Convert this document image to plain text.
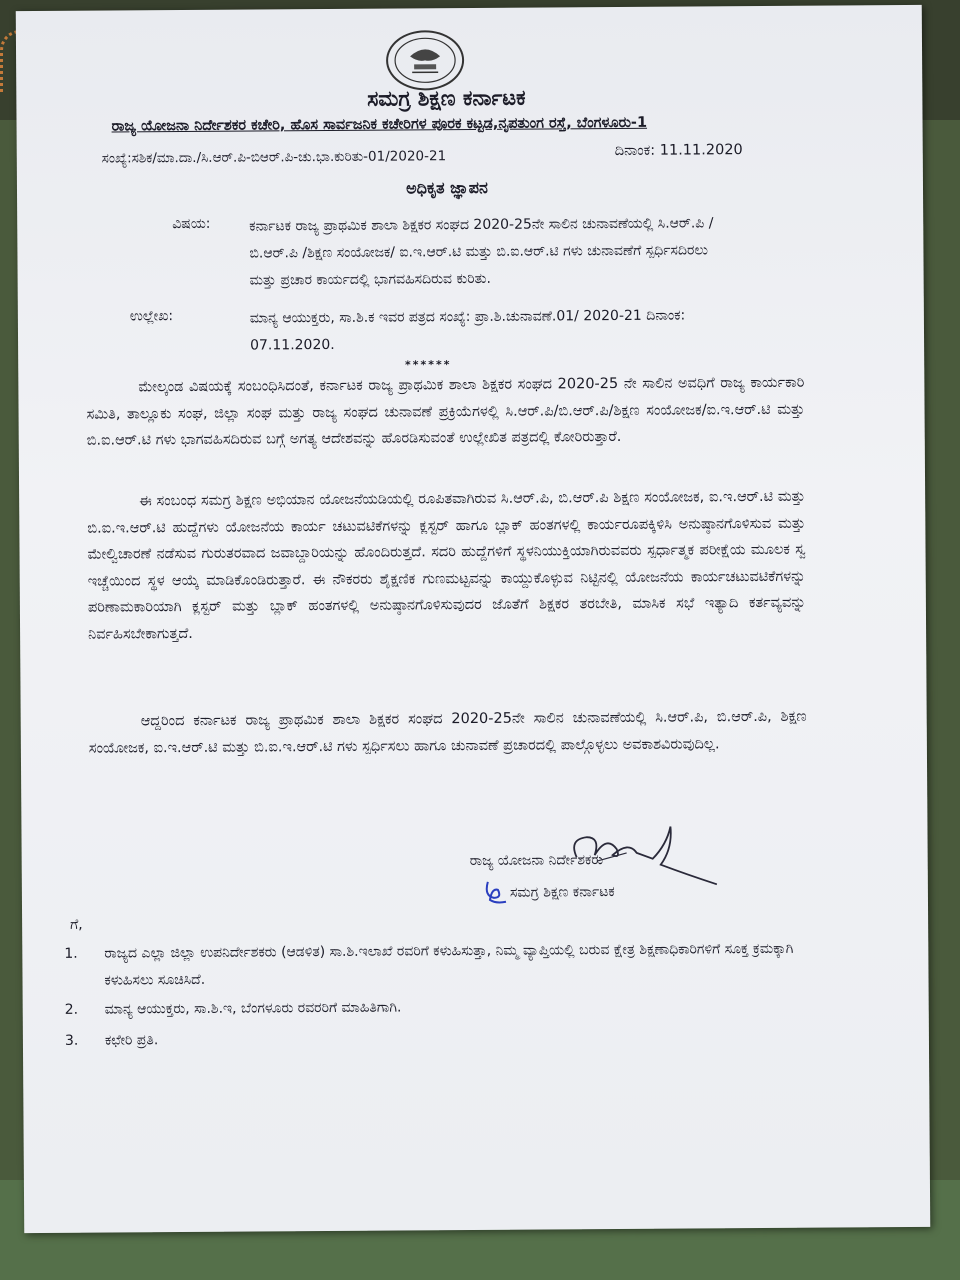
ಸಮಗ್ರ ಶಿಕ್ಷಣ ಕರ್ನಾಟಕ
ರಾಜ್ಯ ಯೋಜನಾ ನಿರ್ದೇಶಕರ ಕಚೇರಿ, ಹೊಸ ಸಾರ್ವಜನಿಕ ಕಚೇರಿಗಳ ಪೂರಕ ಕಟ್ಟಡ,ನೃಪತುಂಗ ರಸ್ತೆ, ಬೆಂಗಳೂರು-1
ಸಂಖ್ಯೆ:ಸಶಿಕ/ಮಾ.ದಾ./ಸಿ.ಆರ್.ಪಿ-ಬಿಆರ್.ಪಿ-ಚು.ಭಾ.ಕುರಿತು-01/2020-21	ದಿನಾಂಕ: 11.11.2020
ಅಧಿಕೃತ ಜ್ಞಾಪನ
ವಿಷಯ:	ಕರ್ನಾಟಕ ರಾಜ್ಯ ಪ್ರಾಥಮಿಕ ಶಾಲಾ ಶಿಕ್ಷಕರ ಸಂಘದ 2020-25ನೇ ಸಾಲಿನ ಚುನಾವಣೆಯಲ್ಲಿ ಸಿ.ಆರ್.ಪಿ /ಬಿ.ಆರ್.ಪಿ /ಶಿಕ್ಷಣ ಸಂಯೋಜಕ/ ಐ.ಇ.ಆರ್.ಟಿ ಮತ್ತು ಬಿ.ಐ.ಆರ್.ಟಿ ಗಳು ಚುನಾವಣೆಗೆ ಸ್ಪರ್ಧಿಸದಿರಲು ಮತ್ತು ಪ್ರಚಾರ ಕಾರ್ಯದಲ್ಲಿ ಭಾಗವಹಿಸದಿರುವ ಕುರಿತು.
ಉಲ್ಲೇಖ:	ಮಾನ್ಯ ಆಯುಕ್ತರು, ಸಾ.ಶಿ.ಕ ಇವರ ಪತ್ರದ ಸಂಖ್ಯೆ: ಪ್ರಾ.ಶಿ.ಚುನಾವಣೆ.01/ 2020-21 ದಿನಾಂಕ: 07.11.2020.
******
ಮೇಲ್ಕಂಡ ವಿಷಯಕ್ಕೆ ಸಂಬಂಧಿಸಿದಂತೆ, ಕರ್ನಾಟಕ ರಾಜ್ಯ ಪ್ರಾಥಮಿಕ ಶಾಲಾ ಶಿಕ್ಷಕರ ಸಂಘದ 2020-25 ನೇ ಸಾಲಿನ ಅವಧಿಗೆ ರಾಜ್ಯ ಕಾರ್ಯಕಾರಿ ಸಮಿತಿ, ತಾಲ್ಲೂಕು ಸಂಘ, ಜಿಲ್ಲಾ ಸಂಘ ಮತ್ತು ರಾಜ್ಯ ಸಂಘದ ಚುನಾವಣೆ ಪ್ರಕ್ರಿಯೆಗಳಲ್ಲಿ ಸಿ.ಆರ್.ಪಿ/ಬಿ.ಆರ್.ಪಿ/ಶಿಕ್ಷಣ ಸಂಯೋಜಕ/ಐ.ಇ.ಆರ್.ಟಿ ಮತ್ತು ಬಿ.ಐ.ಆರ್.ಟಿ ಗಳು ಭಾಗವಹಿಸದಿರುವ ಬಗ್ಗೆ ಅಗತ್ಯ ಆದೇಶವನ್ನು ಹೊರಡಿಸುವಂತೆ ಉಲ್ಲೇಖಿತ ಪತ್ರದಲ್ಲಿ ಕೋರಿರುತ್ತಾರೆ.
ಈ ಸಂಬಂಧ ಸಮಗ್ರ ಶಿಕ್ಷಣ ಅಭಿಯಾನ ಯೋಜನೆಯಡಿಯಲ್ಲಿ ರೂಪಿತವಾಗಿರುವ ಸಿ.ಆರ್.ಪಿ, ಬಿ.ಆರ್.ಪಿ ಶಿಕ್ಷಣ ಸಂಯೋಜಕ, ಐ.ಇ.ಆರ್.ಟಿ ಮತ್ತು ಬಿ.ಐ.ಇ.ಆರ್.ಟಿ ಹುದ್ದೆಗಳು ಯೋಜನೆಯ ಕಾರ್ಯ ಚಟುವಟಿಕೆಗಳನ್ನು ಕ್ಲಸ್ಟರ್ ಹಾಗೂ ಬ್ಲಾಕ್ ಹಂತಗಳಲ್ಲಿ ಕಾರ್ಯರೂಪಕ್ಕಿಳಿಸಿ ಅನುಷ್ಠಾನಗೊಳಿಸುವ ಮತ್ತು ಮೇಲ್ವಿಚಾರಣೆ ನಡೆಸುವ ಗುರುತರವಾದ ಜವಾಬ್ದಾರಿಯನ್ನು ಹೊಂದಿರುತ್ತದೆ. ಸದರಿ ಹುದ್ದೆಗಳಿಗೆ ಸ್ಥಳನಿಯುಕ್ತಿಯಾಗಿರುವವರು ಸ್ಪರ್ಧಾತ್ಮಕ ಪರೀಕ್ಷೆಯ ಮೂಲಕ ಸ್ವ ಇಚ್ಚೆಯಿಂದ ಸ್ಥಳ ಆಯ್ಕೆ ಮಾಡಿಕೊಂಡಿರುತ್ತಾರೆ. ಈ ನೌಕರರು ಶೈಕ್ಷಣಿಕ ಗುಣಮಟ್ಟವನ್ನು ಕಾಯ್ದುಕೊಳ್ಳುವ ನಿಟ್ಟಿನಲ್ಲಿ ಯೋಜನೆಯ ಕಾರ್ಯಚಟುವಟಿಕೆಗಳನ್ನು ಪರಿಣಾಮಕಾರಿಯಾಗಿ ಕ್ಲಸ್ಟರ್ ಮತ್ತು ಬ್ಲಾಕ್ ಹಂತಗಳಲ್ಲಿ ಅನುಷ್ಠಾನಗೊಳಿಸುವುದರ ಜೊತೆಗೆ ಶಿಕ್ಷಕರ ತರಬೇತಿ, ಮಾಸಿಕ ಸಭೆ ಇತ್ಯಾದಿ ಕರ್ತವ್ಯವನ್ನು ನಿರ್ವಹಿಸಬೇಕಾಗುತ್ತದೆ.
ಆದ್ದರಿಂದ ಕರ್ನಾಟಕ ರಾಜ್ಯ ಪ್ರಾಥಮಿಕ ಶಾಲಾ ಶಿಕ್ಷಕರ ಸಂಘದ 2020-25ನೇ ಸಾಲಿನ ಚುನಾವಣೆಯಲ್ಲಿ ಸಿ.ಆರ್.ಪಿ, ಬಿ.ಆರ್.ಪಿ, ಶಿಕ್ಷಣ ಸಂಯೋಜಕ, ಐ.ಇ.ಆರ್.ಟಿ ಮತ್ತು ಬಿ.ಐ.ಇ.ಆರ್.ಟಿ ಗಳು ಸ್ಪರ್ಧಿಸಲು ಹಾಗೂ ಚುನಾವಣೆ ಪ್ರಚಾರದಲ್ಲಿ ಪಾಲ್ಗೊಳ್ಳಲು ಅವಕಾಶವಿರುವುದಿಲ್ಲ.
ರಾಜ್ಯ ಯೋಜನಾ ನಿರ್ದೇಶಕರು
ಸಮಗ್ರ ಶಿಕ್ಷಣ ಕರ್ನಾಟಕ
ಗೆ,
1. ರಾಜ್ಯದ ಎಲ್ಲಾ ಜಿಲ್ಲಾ ಉಪನಿರ್ದೇಶಕರು (ಆಡಳಿತ) ಸಾ.ಶಿ.ಇಲಾಖೆ ರವರಿಗೆ ಕಳುಹಿಸುತ್ತಾ, ನಿಮ್ಮ ವ್ಯಾಪ್ತಿಯಲ್ಲಿ ಬರುವ ಕ್ಷೇತ್ರ ಶಿಕ್ಷಣಾಧಿಕಾರಿಗಳಿಗೆ ಸೂಕ್ತ ಕ್ರಮಕ್ಕಾಗಿ ಕಳುಹಿಸಲು ಸೂಚಿಸಿದೆ.
2. ಮಾನ್ಯ ಆಯುಕ್ತರು, ಸಾ.ಶಿ.ಇ, ಬೆಂಗಳೂರು ರವರರಿಗೆ ಮಾಹಿತಿಗಾಗಿ.
3. ಕಛೇರಿ ಪ್ರತಿ.
